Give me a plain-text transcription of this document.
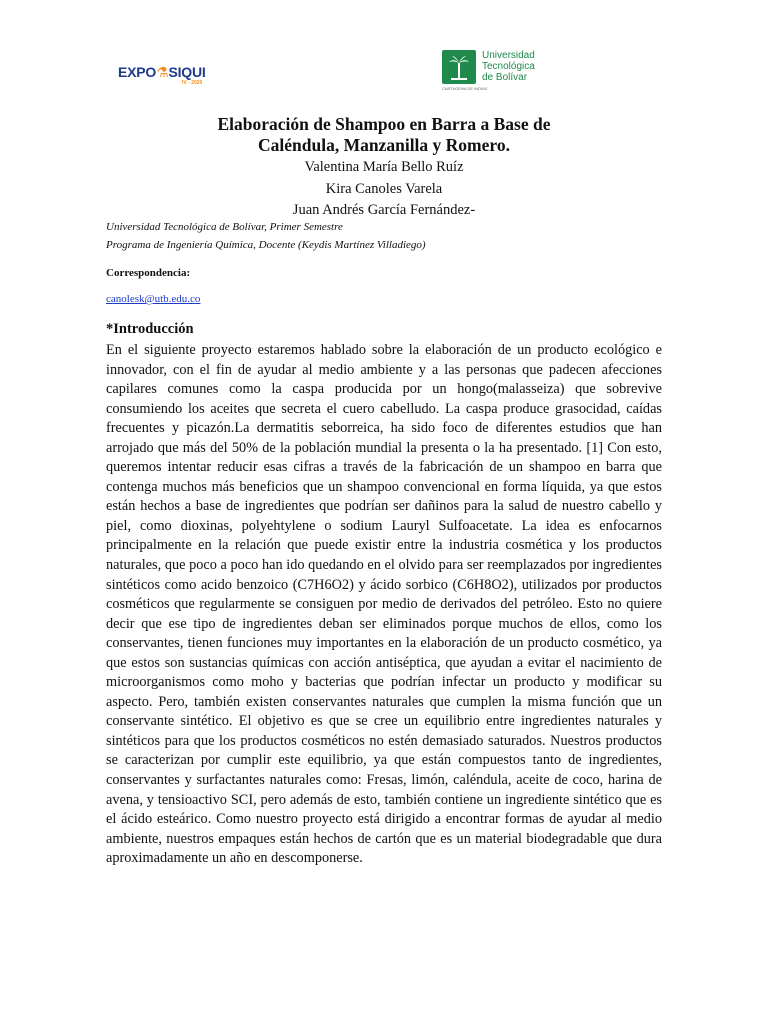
EXPO⚗SIQUI
IV - 2020
Universidad
Tecnológica
de Bolívar
CARTAGENA DE INDIAS
Elaboración de Shampoo en Barra a Base de
Caléndula, Manzanilla y Romero.
Valentina María Bello Ruíz
Kira Canoles Varela
Juan Andrés García Fernández-
Universidad Tecnológica de Bolívar, Primer Semestre
Programa de Ingeniería Química, Docente (Keydis Martínez Villadiego)
Correspondencia:
canolesk@utb.edu.co
*Introducción

En el siguiente proyecto estaremos hablado sobre la elaboración de un producto ecológico e innovador, con el fin de ayudar al medio ambiente y a las personas que padecen afecciones capilares comunes como la caspa producida por un hongo(malasseiza) que sobrevive consumiendo los aceites que secreta el cuero cabelludo. La caspa produce grasocidad, caídas frecuentes y picazón.La dermatitis seborreica, ha sido foco de diferentes estudios que han arrojado que más del 50% de la población mundial la presenta o la ha presentado. [1] Con esto, queremos intentar reducir esas cifras a través de la fabricación de un shampoo en barra que contenga muchos más beneficios que un shampoo convencional en forma líquida, ya que estos están hechos a base de ingredientes que podrían ser dañinos para la salud de nuestro cabello y piel, como dioxinas, polyehtylene o sodium Lauryl Sulfoacetate. La idea es enfocarnos principalmente en la relación que puede existir entre la industria cosmética y los productos naturales, que poco a poco han ido quedando en el olvido para ser reemplazados por ingredientes sintéticos como acido benzoico (C7H6O2) y ácido sorbico (C6H8O2), utilizados por productos cosméticos que regularmente se consiguen por medio de derivados del petróleo. Esto no quiere decir que ese tipo de ingredientes deban ser eliminados porque muchos de ellos, como los conservantes, tienen funciones muy importantes en la elaboración de un producto cosmético, ya que estos son sustancias químicas con acción antiséptica, que ayudan a evitar el nacimiento de microorganismos como moho y bacterias que podrían infectar un producto y modificar su aspecto. Pero, también existen conservantes naturales que cumplen la misma función que un conservante sintético. El objetivo es que se cree un equilibrio entre ingredientes naturales y sintéticos para que los productos cosméticos no estén demasiado saturados. Nuestros productos se caracterizan por cumplir este equilibrio, ya que están compuestos tanto de ingredientes, conservantes y surfactantes naturales como: Fresas, limón, caléndula, aceite de coco, harina de avena, y tensioactivo SCI, pero además de esto, también contiene un ingrediente sintético que es el ácido esteárico. Como nuestro proyecto está dirigido a encontrar formas de ayudar al medio ambiente, nuestros empaques están hechos de cartón que es un material biodegradable que dura aproximadamente un año en descomponerse.
